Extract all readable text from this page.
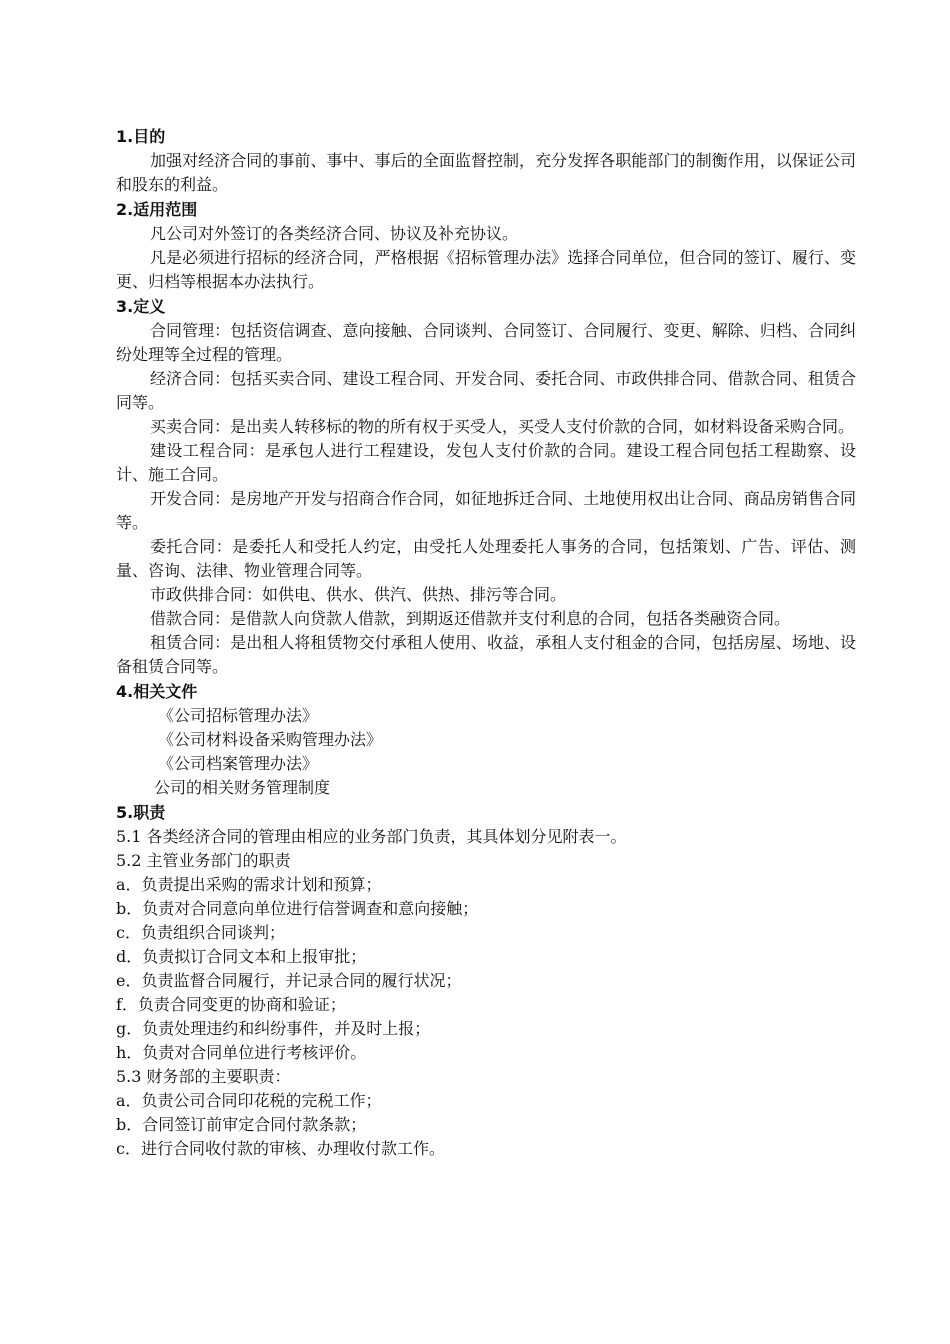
1.目的
加强对经济合同的事前、事中、事后的全面监督控制，充分发挥各职能部门的制衡作用，以保证公司和股东的利益。
2.适用范围
凡公司对外签订的各类经济合同、协议及补充协议。
凡是必须进行招标的经济合同，严格根据《招标管理办法》选择合同单位，但合同的签订、履行、变更、归档等根据本办法执行。
3.定义
合同管理：包括资信调查、意向接触、合同谈判、合同签订、合同履行、变更、解除、归档、合同纠纷处理等全过程的管理。
经济合同：包括买卖合同、建设工程合同、开发合同、委托合同、市政供排合同、借款合同、租赁合同等。
买卖合同：是出卖人转移标的物的所有权于买受人，买受人支付价款的合同，如材料设备采购合同。
建设工程合同：是承包人进行工程建设，发包人支付价款的合同。建设工程合同包括工程勘察、设计、施工合同。
开发合同：是房地产开发与招商合作合同，如征地拆迁合同、土地使用权出让合同、商品房销售合同等。
委托合同：是委托人和受托人约定，由受托人处理委托人事务的合同，包括策划、广告、评估、测量、咨询、法律、物业管理合同等。
市政供排合同：如供电、供水、供汽、供热、排污等合同。
借款合同：是借款人向贷款人借款，到期返还借款并支付利息的合同，包括各类融资合同。
租赁合同：是出租人将租赁物交付承租人使用、收益，承租人支付租金的合同，包括房屋、场地、设备租赁合同等。
4.相关文件
《公司招标管理办法》
《公司材料设备采购管理办法》
《公司档案管理办法》
公司的相关财务管理制度
5.职责
5.1 各类经济合同的管理由相应的业务部门负责，其具体划分见附表一。
5.2 主管业务部门的职责
a．负责提出采购的需求计划和预算；
b．负责对合同意向单位进行信誉调查和意向接触；
c．负责组织合同谈判；
d．负责拟订合同文本和上报审批；
e．负责监督合同履行，并记录合同的履行状况；
f．负责合同变更的协商和验证；
g．负责处理违约和纠纷事件，并及时上报；
h．负责对合同单位进行考核评价。
5.3 财务部的主要职责：
a．负责公司合同印花税的完税工作；
b．合同签订前审定合同付款条款；
c．进行合同收付款的审核、办理收付款工作。
